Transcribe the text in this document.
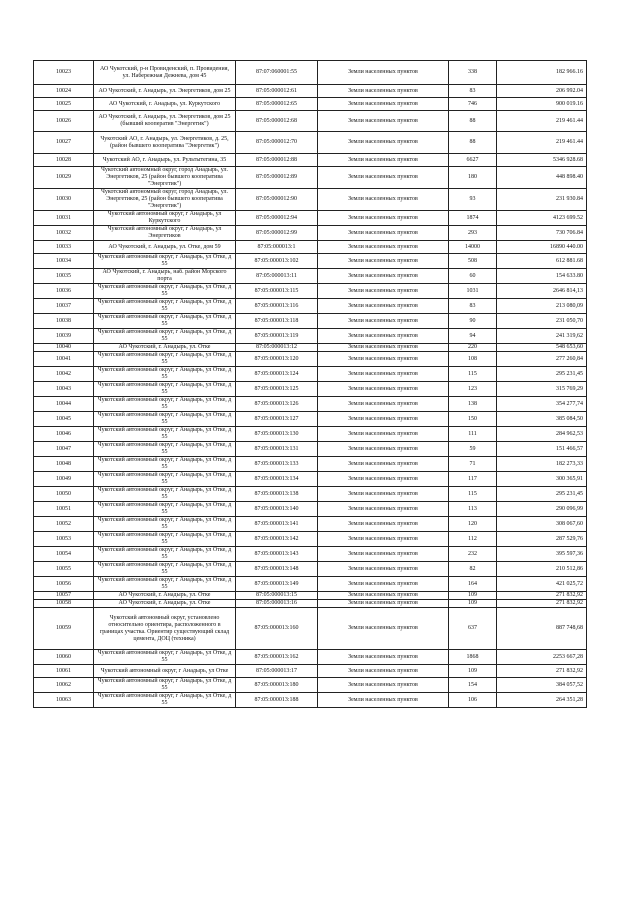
10023	АО Чукотский, р-н Провиденский, п. Провидения, ул. Набережная Дежнева, дом 45	87:07:060001:55	Земли населенных пунктов	338	182 966.16
10024	АО Чукотский, г. Анадырь, ул. Энергетиков, дом 25	87:05:000012:61	Земли населенных пунктов	83	206 992.04
10025	АО Чукотский, г. Анадырь, ул. Куркутского	87:05:000012:65	Земли населенных пунктов	746	900 019.16
10026	АО Чукотский, г. Анадырь, ул. Энергетиков, дом 25 (бывший кооператив "Энергетик")	87:05:000012:68	Земли населенных пунктов	88	219 461.44
10027	Чукотский АО, г. Анадырь, ул. Энергетиков, д. 25, (район бывшего кооператива "Энергетик")	87:05:000012:70	Земли населенных пунктов	88	219 461.44
10028	Чукотский АО, г. Анадырь, ул. Рультытегина, 35	87:05:000012:88	Земли населенных пунктов	6627	5346 928.68
10029	Чукотский автономный округ, город Анадырь, ул. Энергетиков, 25 (район бывшего кооператива "Энергетик")	87:05:000012:89	Земли населенных пунктов	180	448 898.40
10030	Чукотский автономный округ, город Анадырь, ул. Энергетиков, 25 (район бывшего кооператива "Энергетик")	87:05:000012:90	Земли населенных пунктов	93	231 930.84
10031	Чукотский автономный округ, г Анадырь, ул Куркутского	87:05:000012:94	Земли населенных пунктов	1874	4123 699.52
10032	Чукотский автономный округ, г Анадырь, ул Энергетиков	87:05:000012:99	Земли населенных пунктов	293	730 706.84
10033	АО Чукотский, г. Анадырь, ул. Отке, дом 59	87:05:000013:1	Земли населенных пунктов	14000	16890 440.00
10034	Чукотский автономный округ, г Анадырь, ул Отке, д 55	87:05:000013:102	Земли населенных пунктов	508	612 881.68
10035	АО Чукотский, г. Анадырь, наб. район Морского порта	87:05:000013:11	Земли населенных пунктов	60	154 633.80
10036	Чукотский автономный округ, г Анадырь, ул Отке, д 55	87:05:000013:115	Земли населенных пунктов	1031	2646 814,13
10037	Чукотский автономный округ, г Анадырь, ул Отке, д 55	87:05:000013:116	Земли населенных пунктов	83	213 080,09
10038	Чукотский автономный округ, г Анадырь, ул Отке, д 55	87:05:000013:118	Земли населенных пунктов	90	231 050,70
10039	Чукотский автономный округ, г Анадырь, ул Отке, д 55	87:05:000013:119	Земли населенных пунктов	94	241 319,62
10040	АО Чукотский, г. Анадырь, ул. Отке	87:05:000013:12	Земли населенных пунктов	220	548 653,60
10041	Чукотский автономный округ, г Анадырь, ул Отке, д 55	87:05:000013:120	Земли населенных пунктов	108	277 260,84
10042	Чукотский автономный округ, г Анадырь, ул Отке, д 55	87:05:000013:124	Земли населенных пунктов	115	295 231,45
10043	Чукотский автономный округ, г Анадырь, ул Отке, д 55	87:05:000013:125	Земли населенных пунктов	123	315 769,29
10044	Чукотский автономный округ, г Анадырь, ул Отке, д 55	87:05:000013:126	Земли населенных пунктов	138	354 277,74
10045	Чукотский автономный округ, г Анадырь, ул Отке, д 55	87:05:000013:127	Земли населенных пунктов	150	385 084,50
10046	Чукотский автономный округ, г Анадырь, ул Отке, д 55	87:05:000013:130	Земли населенных пунктов	111	284 962,53
10047	Чукотский автономный округ, г Анадырь, ул Отке, д 55	87:05:000013:131	Земли населенных пунктов	59	151 466,57
10048	Чукотский автономный округ, г Анадырь, ул Отке, д 55	87:05:000013:133	Земли населенных пунктов	71	182 273,33
10049	Чукотский автономный округ, г Анадырь, ул Отке, д 55	87:05:000013:134	Земли населенных пунктов	117	300 365,91
10050	Чукотский автономный округ, г Анадырь, ул Отке, д 55	87:05:000013:138	Земли населенных пунктов	115	295 231,45
10051	Чукотский автономный округ, г Анадырь, ул Отке, д 55	87:05:000013:140	Земли населенных пунктов	113	290 096,99
10052	Чукотский автономный округ, г Анадырь, ул Отке, д 55	87:05:000013:141	Земли населенных пунктов	120	308 067,60
10053	Чукотский автономный округ, г Анадырь, ул Отке, д 55	87:05:000013:142	Земли населенных пунктов	112	287 529,76
10054	Чукотский автономный округ, г Анадырь, ул Отке, д 55	87:05:000013:143	Земли населенных пунктов	232	395 597,36
10055	Чукотский автономный округ, г Анадырь, ул Отке, д 55	87:05:000013:148	Земли населенных пунктов	82	210 512,86
10056	Чукотский автономный округ, г Анадырь, ул Отке, д 55	87:05:000013:149	Земли населенных пунктов	164	421 025,72
10057	АО Чукотский, г. Анадырь, ул. Отке	87:05:000013:15	Земли населенных пунктов	109	271 832,92
10058	АО Чукотский, г. Анадырь, ул. Отке	87:05:000013:16	Земли населенных пунктов	109	271 832,92
10059	Чукотский автономный округ, установлено относительно ориентира, расположенного в границах участка. Ориентир существующий склад цемента, ДОЦ (техника)	87:05:000013:160	Земли населенных пунктов	637	887 748,68
10060	Чукотский автономный округ, г Анадырь, ул Отке, д 55	87:05:000013:162	Земли населенных пунктов	1868	2253 667,28
10061	Чукотский автономный округ, г Анадырь, ул Отке	87:05:000013:17	Земли населенных пунктов	109	271 832,92
10062	Чукотский автономный округ, г Анадырь, ул Отке, д 55	87:05:000013:180	Земли населенных пунктов	154	384 057,52
10063	Чукотский автономный округ, г Анадырь, ул Отке, д 55	87:05:000013:188	Земли населенных пунктов	106	264 351,28
